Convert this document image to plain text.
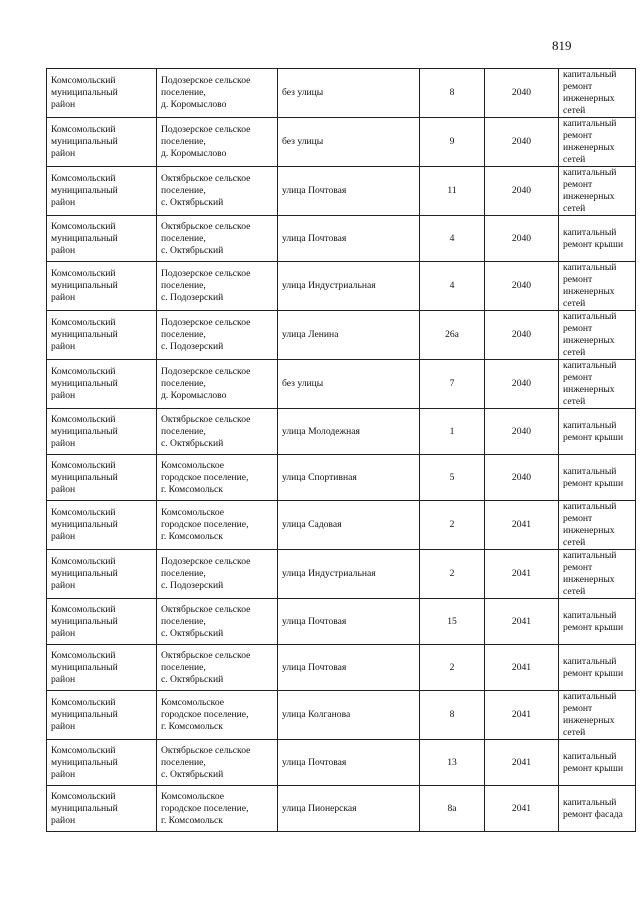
819
Комсомольский
муниципальный
район	Подозерское сельское
поселение,
д. Коромыслово	без улицы	8	2040	капитальный
ремонт
инженерных
сетей

Комсомольский
муниципальный
район	Подозерское сельское
поселение,
д. Коромыслово	без улицы	9	2040	капитальный
ремонт
инженерных
сетей

Комсомольский
муниципальный
район	Октябрьское сельское
поселение,
с. Октябрьский	улица Почтовая	11	2040	капитальный
ремонт
инженерных
сетей

Комсомольский
муниципальный
район	Октябрьское сельское
поселение,
с. Октябрьский	улица Почтовая	4	2040	капитальный
ремонт крыши

Комсомольский
муниципальный
район	Подозерское сельское
поселение,
с. Подозерский	улица Индустриальная	4	2040	капитальный
ремонт
инженерных
сетей

Комсомольский
муниципальный
район	Подозерское сельское
поселение,
с. Подозерский	улица Ленина	26а	2040	капитальный
ремонт
инженерных
сетей

Комсомольский
муниципальный
район	Подозерское сельское
поселение,
д. Коромыслово	без улицы	7	2040	капитальный
ремонт
инженерных
сетей

Комсомольский
муниципальный
район	Октябрьское сельское
поселение,
с. Октябрьский	улица Молодежная	1	2040	капитальный
ремонт крыши

Комсомольский
муниципальный
район	Комсомольское
городское поселение,
г. Комсомольск	улица Спортивная	5	2040	капитальный
ремонт крыши

Комсомольский
муниципальный
район	Комсомольское
городское поселение,
г. Комсомольск	улица Садовая	2	2041	капитальный
ремонт
инженерных
сетей

Комсомольский
муниципальный
район	Подозерское сельское
поселение,
с. Подозерский	улица Индустриальная	2	2041	капитальный
ремонт
инженерных
сетей

Комсомольский
муниципальный
район	Октябрьское сельское
поселение,
с. Октябрьский	улица Почтовая	15	2041	капитальный
ремонт крыши

Комсомольский
муниципальный
район	Октябрьское сельское
поселение,
с. Октябрьский	улица Почтовая	2	2041	капитальный
ремонт крыши

Комсомольский
муниципальный
район	Комсомольское
городское поселение,
г. Комсомольск	улица Колганова	8	2041	капитальный
ремонт
инженерных
сетей

Комсомольский
муниципальный
район	Октябрьское сельское
поселение,
с. Октябрьский	улица Почтовая	13	2041	капитальный
ремонт крыши

Комсомольский
муниципальный
район	Комсомольское
городское поселение,
г. Комсомольск	улица Пионерская	8а	2041	капитальный
ремонт фасада
